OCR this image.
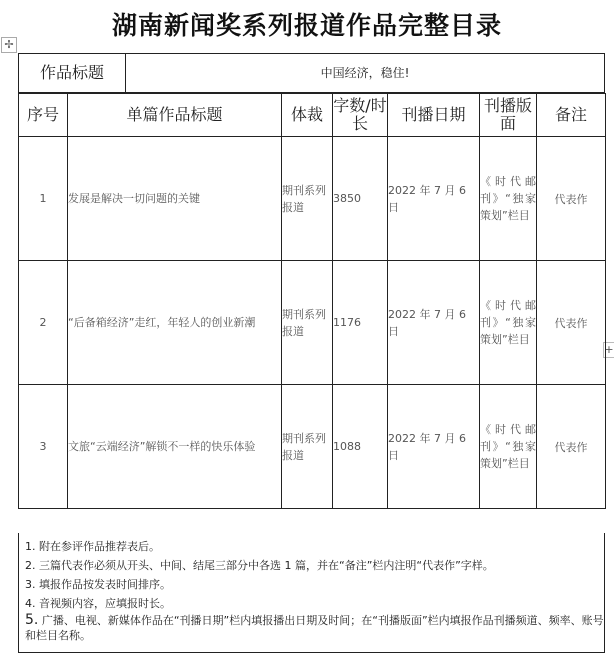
湖南新闻奖系列报道作品完整目录
✢
+
作品标题	中国经济，稳住!
序号	单篇作品标题	体裁	字数/时长	刊播日期	刊播版面	备注
1	发展是解决一切问题的关键	期刊系列报道	3850	2022 年 7 月 6 日	《时代邮刊》“独家策划”栏目	代表作
2	“后备箱经济”走红，年轻人的创业新潮	期刊系列报道	1176	2022 年 7 月 6 日	《时代邮刊》“独家策划”栏目	代表作
3	文旅“云端经济”解锁不一样的快乐体验	期刊系列报道	1088	2022 年 7 月 6 日	《时代邮刊》“独家策划”栏目	代表作
1. 附在参评作品推荐表后。
2. 三篇代表作必须从开头、中间、结尾三部分中各选 1 篇，并在“备注”栏内注明“代表作”字样。
3. 填报作品按发表时间排序。
4. 音视频内容，应填报时长。
5. 广播、电视、新媒体作品在“刊播日期”栏内填报播出日期及时间；在“刊播版面”栏内填报作品刊播频道、频率、账号和栏目名称。
